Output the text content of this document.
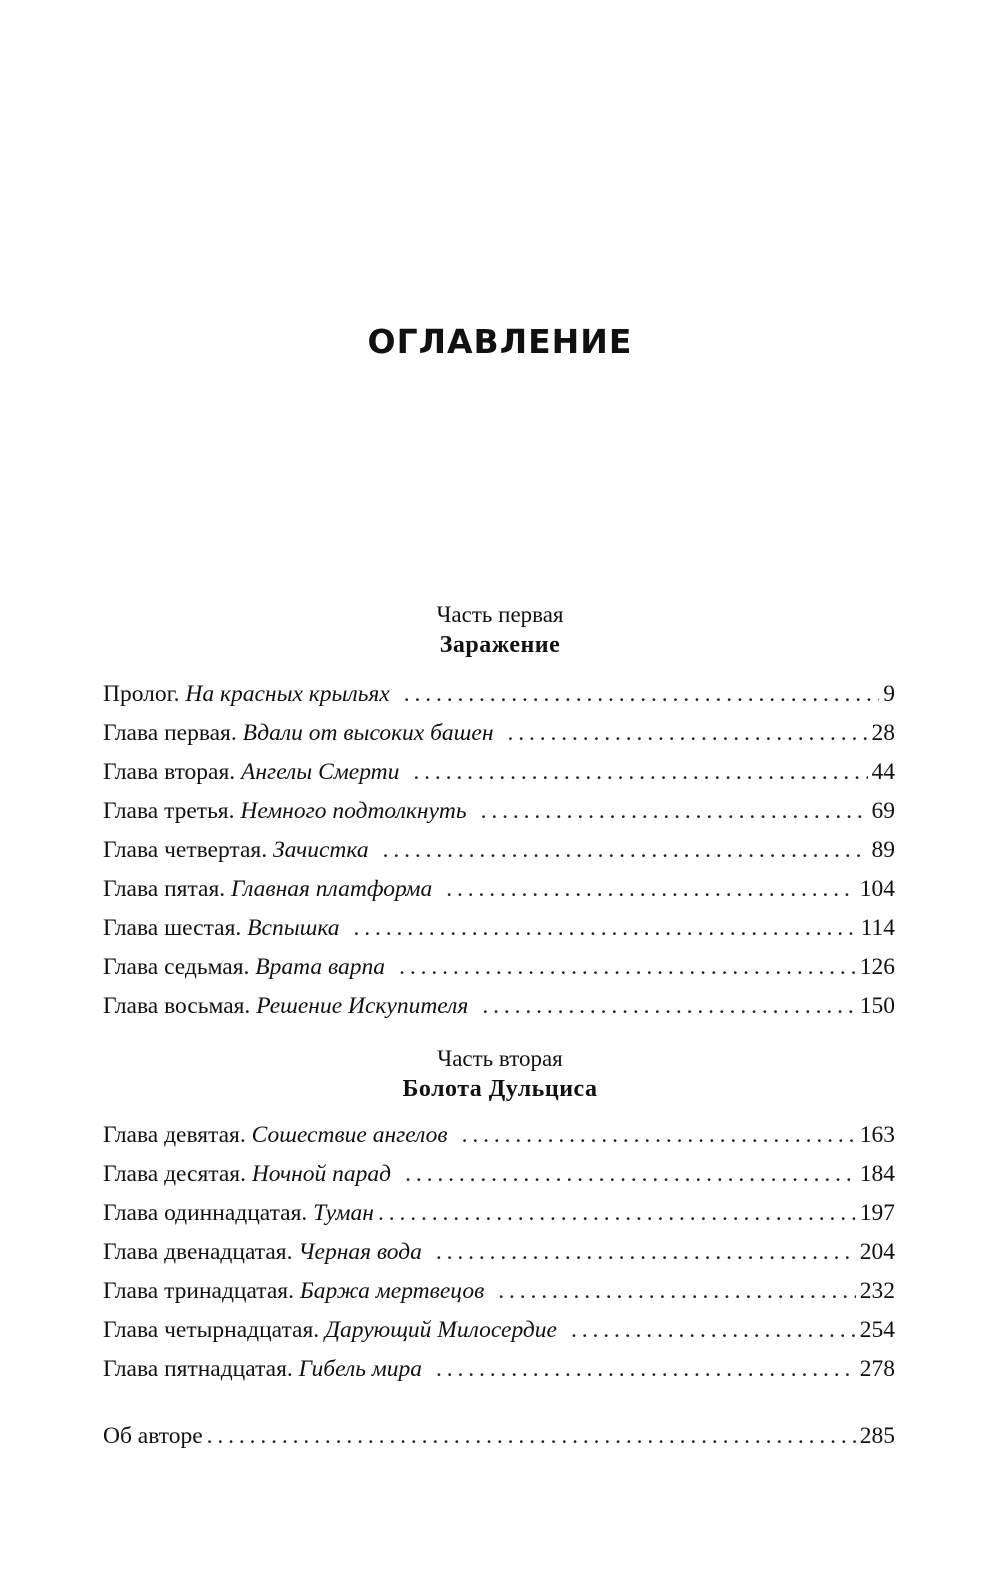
ОГЛАВЛЕНИЕ
Часть первая
Заражение
Пролог. На красных крыльях . . .	9
Глава первая. Вдали от высоких башен . . .	28
Глава вторая. Ангелы Смерти . . .	44
Глава третья. Немного подтолкнуть . . .	69
Глава четвертая. Зачистка . . .	89
Глава пятая. Главная платформа . . .	104
Глава шестая. Вспышка . . .	114
Глава седьмая. Врата варпа . . .	126
Глава восьмая. Решение Искупителя . . .	150
Часть вторая
Болота Дульциса
Глава девятая. Сошествие ангелов . . .	163
Глава десятая. Ночной парад . . .	184
Глава одиннадцатая. Туман . . .	197
Глава двенадцатая. Черная вода . . .	204
Глава тринадцатая. Баржа мертвецов . . .	232
Глава четырнадцатая. Дарующий Милосердие . . .	254
Глава пятнадцатая. Гибель мира . . .	278
Об авторе . . .	285
